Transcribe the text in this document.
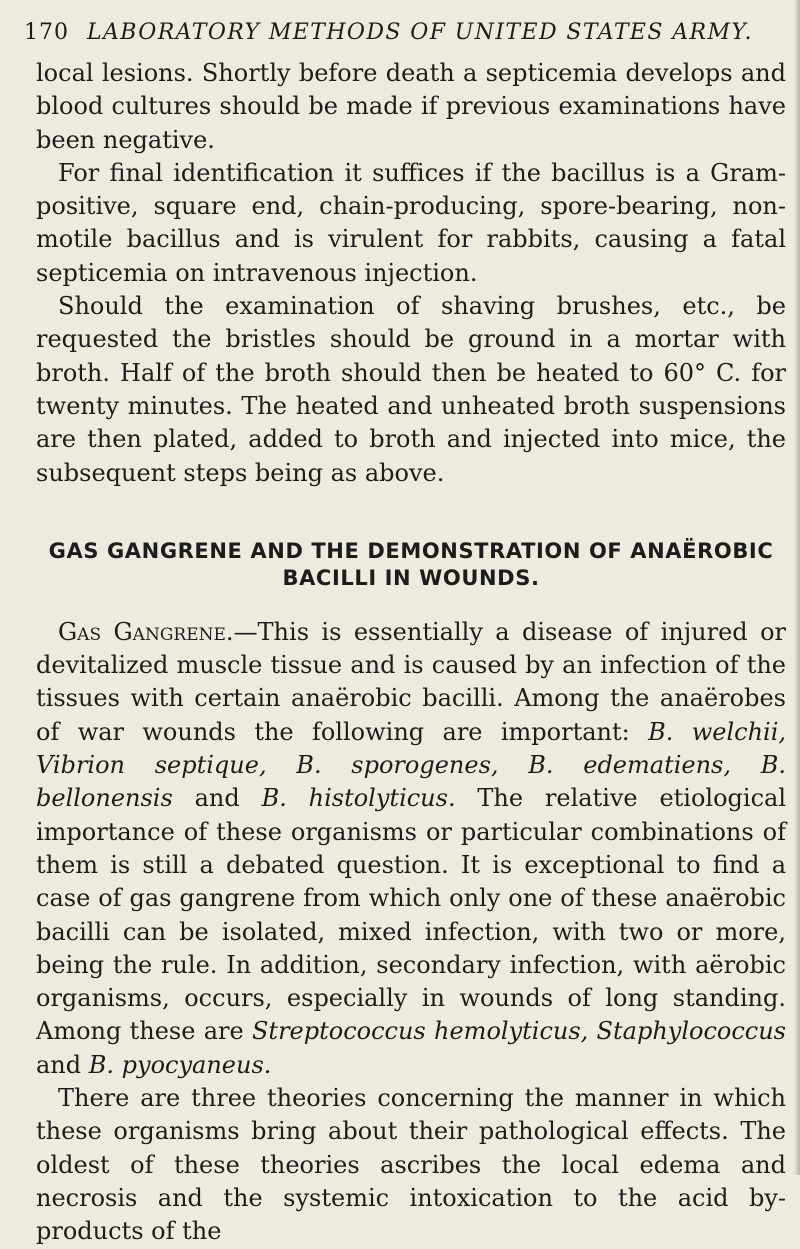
170 LABORATORY METHODS OF UNITED STATES ARMY.

local lesions. Shortly before death a septicemia develops and blood cultures should be made if previous examinations have been negative.

For final identification it suffices if the bacillus is a Gram-positive, square end, chain-producing, spore-bearing, non-motile bacillus and is virulent for rabbits, causing a fatal septicemia on intravenous injection.

Should the examination of shaving brushes, etc., be requested the bristles should be ground in a mortar with broth. Half of the broth should then be heated to 60° C. for twenty minutes. The heated and unheated broth suspensions are then plated, added to broth and injected into mice, the subsequent steps being as above.

GAS GANGRENE AND THE DEMONSTRATION OF ANAËROBIC
BACILLI IN WOUNDS.

Gas Gangrene.—This is essentially a disease of injured or devitalized muscle tissue and is caused by an infection of the tissues with certain anaërobic bacilli. Among the anaërobes of war wounds the following are important: B. welchii, Vibrion septique, B. sporogenes, B. edematiens, B. bellonensis and B. histolyticus. The relative etiological importance of these organisms or particular combinations of them is still a debated question. It is exceptional to find a case of gas gangrene from which only one of these anaërobic bacilli can be isolated, mixed infection, with two or more, being the rule. In addition, secondary infection, with aërobic organisms, occurs, especially in wounds of long standing. Among these are Streptococcus hemolyticus, Staphylococcus and B. pyocyaneus.

There are three theories concerning the manner in which these organisms bring about their pathological effects. The oldest of these theories ascribes the local edema and necrosis and the systemic intoxication to the acid by-products of the
